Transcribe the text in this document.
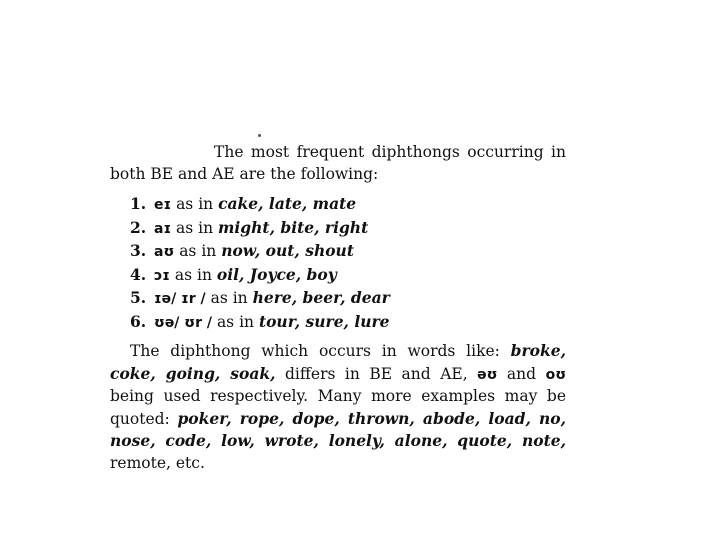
The most frequent diphthongs occurring in both BE and AE are the following:

1. eɪ as in cake, late, mate
2. aɪ as in might, bite, right
3. aʊ as in now, out, shout
4. ɔɪ as in oil, Joyce, boy
5. ɪə/ ɪr / as in here, beer, dear
6. ʊə/ ʊr / as in tour, sure, lure

The diphthong which occurs in words like: broke, coke, going, soak, differs in BE and AE, əʊ and oʊ being used respectively. Many more examples may be quoted: poker, rope, dope, thrown, abode, load, no, nose, code, low, wrote, lonely, alone, quote, note, remote, etc.
